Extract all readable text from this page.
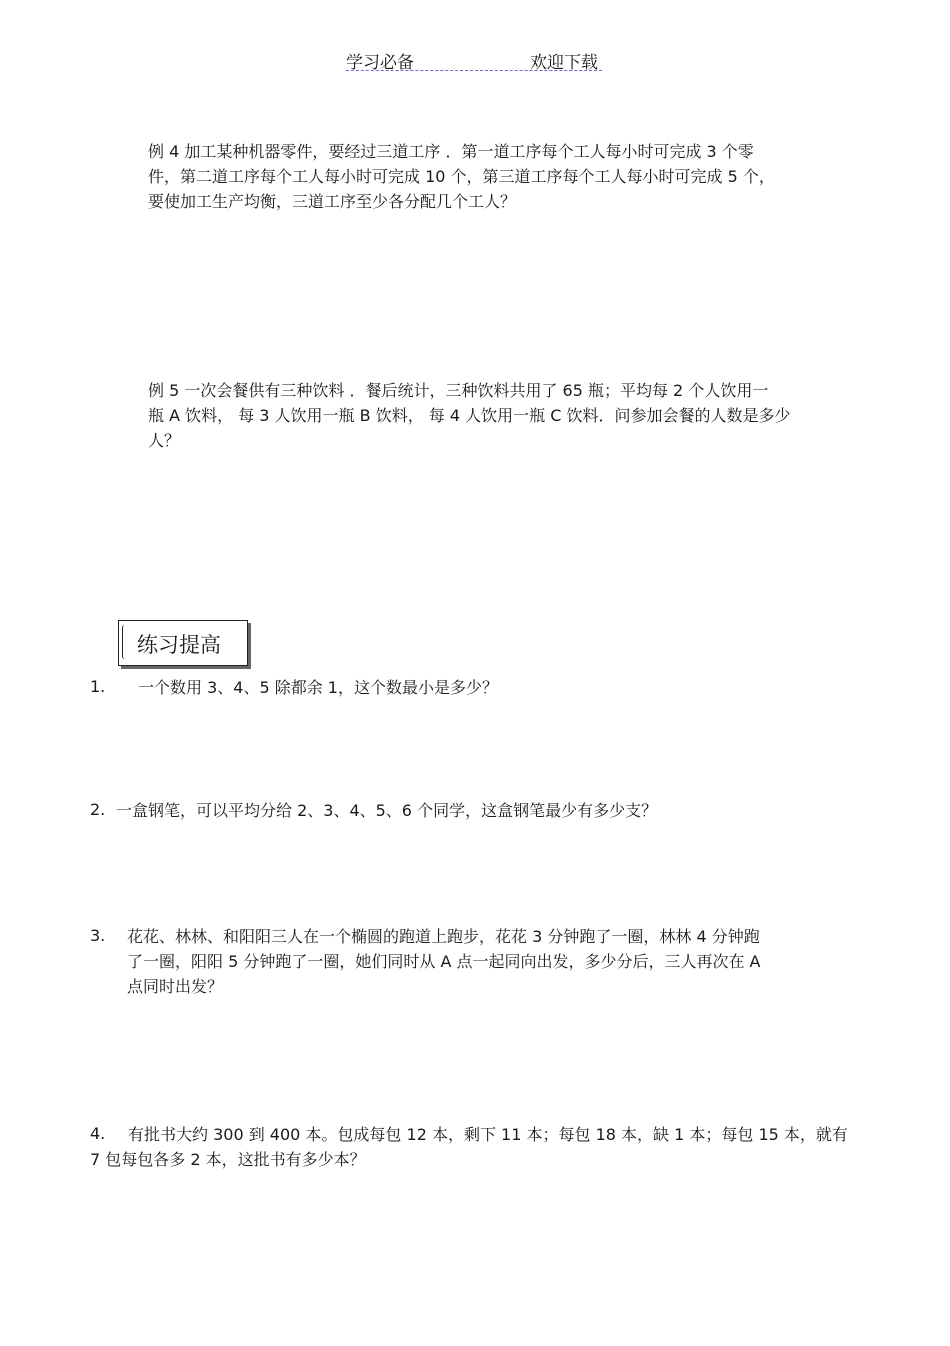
学习必备	欢迎下载

例 4 加工某种机器零件，要经过三道工序 ．第一道工序每个工人每小时可完成 3 个零

件，第二道工序每个工人每小时可完成 10 个，第三道工序每个工人每小时可完成 5 个，

要使加工生产均衡，三道工序至少各分配几个工人？

例 5 一次会餐供有三种饮料 ．餐后统计，三种饮料共用了 65 瓶；平均每 2 个人饮用一

瓶 A 饮料， 每 3 人饮用一瓶 B 饮料， 每 4 人饮用一瓶 C 饮料．问参加会餐的人数是多少

人？

练习提高
1. 一个数用 3、4、5 除都余 1，这个数最小是多少？

2. 一盒钢笔，可以平均分给 2、3、4、5、6 个同学，这盒钢笔最少有多少支？

3. 花花、林林、和阳阳三人在一个椭圆的跑道上跑步，花花 3 分钟跑了一圈，林林 4 分钟跑

了一圈，阳阳 5 分钟跑了一圈，她们同时从 A 点一起同向出发，多少分后，三人再次在 A

点同时出发？

4. 有批书大约 300 到 400 本。包成每包 12 本，剩下 11 本；每包 18 本，缺 1 本；每包 15 本，就有

7 包每包各多 2 本，这批书有多少本？
